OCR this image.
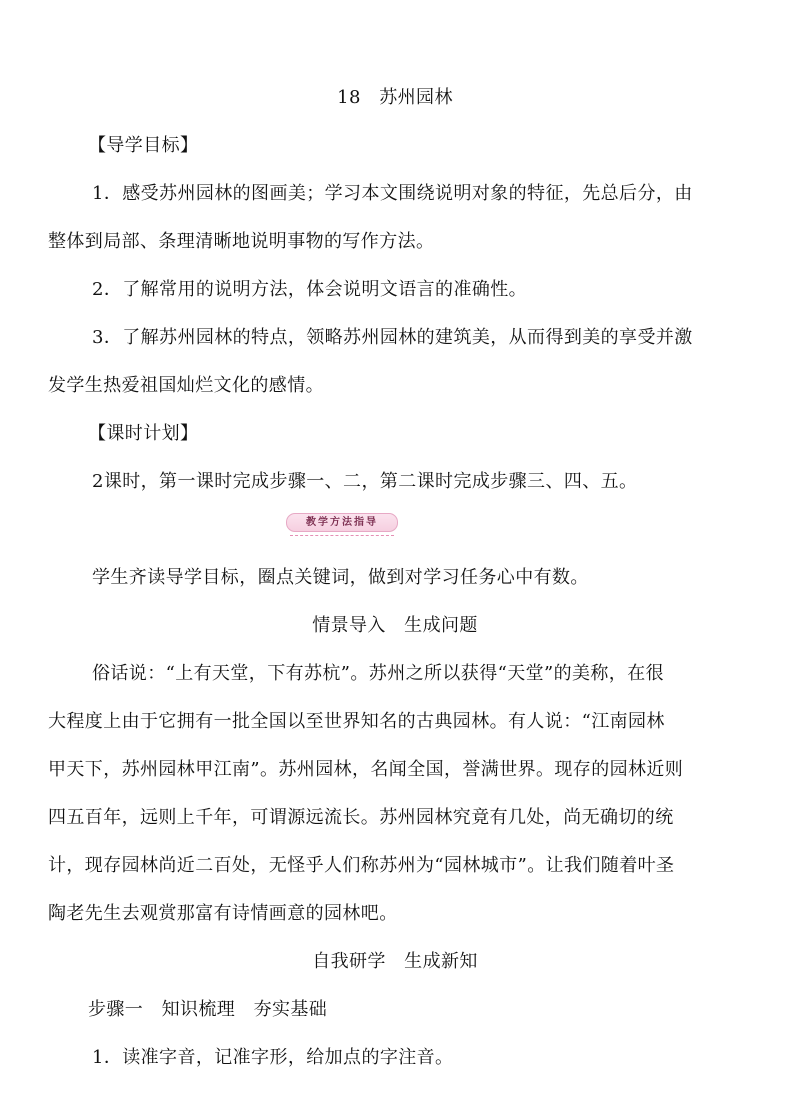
18　苏州园林
【导学目标】
1．感受苏州园林的图画美；学习本文围绕说明对象的特征，先总后分，由
整体到局部、条理清晰地说明事物的写作方法。
2．了解常用的说明方法，体会说明文语言的准确性。
3．了解苏州园林的特点，领略苏州园林的建筑美，从而得到美的享受并激
发学生热爱祖国灿烂文化的感情。
【课时计划】
2课时，第一课时完成步骤一、二，第二课时完成步骤三、四、五。
教学方法指导
学生齐读导学目标，圈点关键词，做到对学习任务心中有数。
情景导入　生成问题
俗话说：“上有天堂，下有苏杭”。苏州之所以获得“天堂”的美称，在很
大程度上由于它拥有一批全国以至世界知名的古典园林。有人说：“江南园林
甲天下，苏州园林甲江南”。苏州园林，名闻全国，誉满世界。现存的园林近则
四五百年，远则上千年，可谓源远流长。苏州园林究竟有几处，尚无确切的统
计，现存园林尚近二百处，无怪乎人们称苏州为“园林城市”。让我们随着叶圣
陶老先生去观赏那富有诗情画意的园林吧。
自我研学　生成新知
步骤一　知识梳理　夯实基础
1．读准字音，记准字形，给加点的字注音。
